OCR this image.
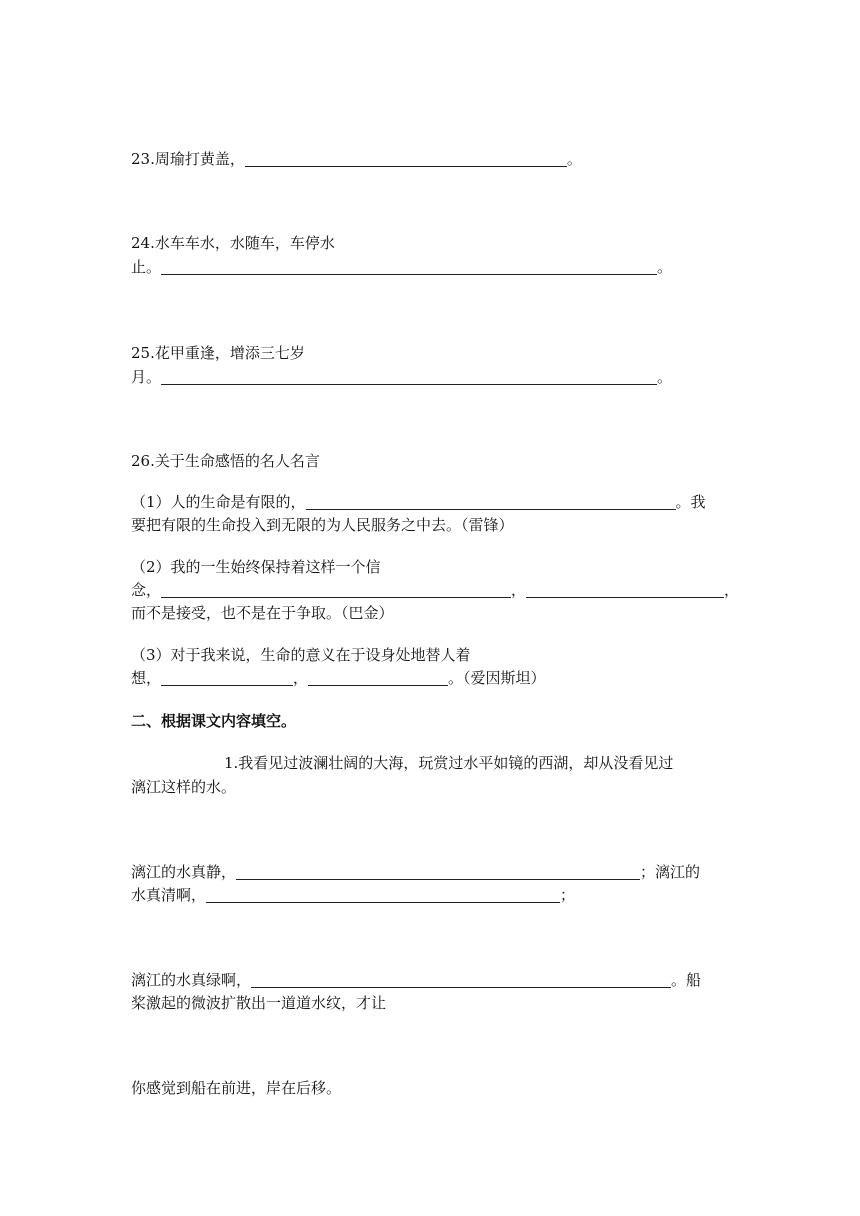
23.周瑜打黄盖，	。
24.水车车水，水随车，车停水
止。	。
25.花甲重逢，增添三七岁
月。	。
26.关于生命感悟的名人名言
（1）人的生命是有限的，	。我
要把有限的生命投入到无限的为人民服务之中去。（雷锋）
（2）我的一生始终保持着这样一个信
念，	，	，
而不是接受，也不是在于争取。（巴金）
（3）对于我来说，生命的意义在于设身处地替人着
想，	，	。（爱因斯坦）
二、根据课文内容填空。
1.我看见过波澜壮阔的大海，玩赏过水平如镜的西湖，却从没看见过
漓江这样的水。
漓江的水真静，	；漓江的
水真清啊，	；
漓江的水真绿啊，	。船
桨激起的微波扩散出一道道水纹，才让
你感觉到船在前进，岸在后移。
